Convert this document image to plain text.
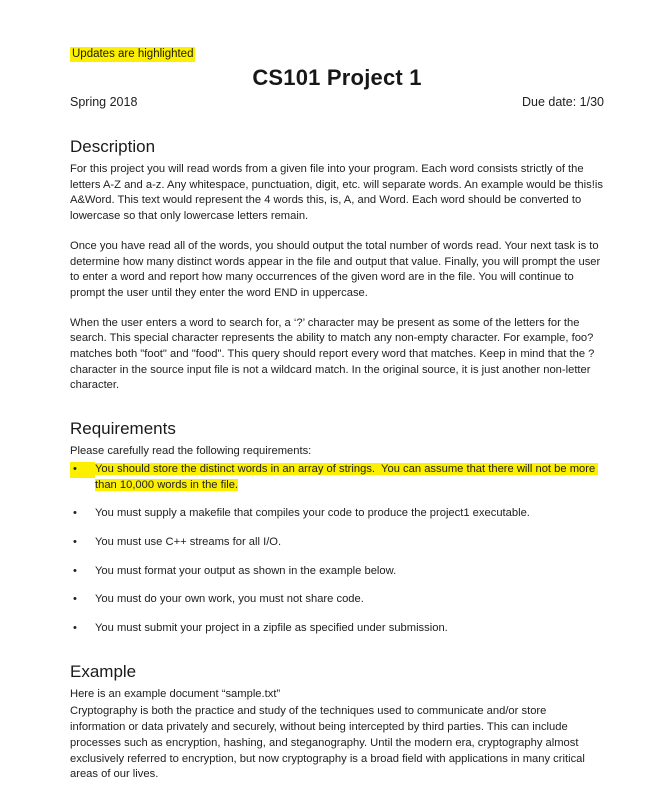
Updates are highlighted
CS101 Project 1
Spring 2018	Due date: 1/30
Description

For this project you will read words from a given file into your program. Each word consists strictly of the letters A-Z and a-z. Any whitespace, punctuation, digit, etc. will separate words. An example would be this!is A&Word. This text would represent the 4 words this, is, A, and Word. Each word should be converted to lowercase so that only lowercase letters remain.

Once you have read all of the words, you should output the total number of words read. Your next task is to determine how many distinct words appear in the file and output that value. Finally, you will prompt the user to enter a word and report how many occurrences of the given word are in the file. You will continue to prompt the user until they enter the word END in uppercase.

When the user enters a word to search for, a ‘?’ character may be present as some of the letters for the search. This special character represents the ability to match any non-empty character. For example, foo? matches both "foot" and "food". This query should report every word that matches. Keep in mind that the ? character in the source input file is not a wildcard match. In the original source, it is just another non-letter character.

Requirements

Please carefully read the following requirements:

• You should store the distinct words in an array of strings.  You can assume that there will not be more than 10,000 words in the file.
• You must supply a makefile that compiles your code to produce the project1 executable.
• You must use C++ streams for all I/O.
• You must format your output as shown in the example below.
• You must do your own work, you must not share code.
• You must submit your project in a zipfile as specified under submission.
Example

Here is an example document “sample.txt”

Cryptography is both the practice and study of the techniques used to communicate and/or store information or data privately and securely, without being intercepted by third parties. This can include processes such as encryption, hashing, and steganography. Until the modern era, cryptography almost exclusively referred to encryption, but now cryptography is a broad field with applications in many critical areas of our lives.
